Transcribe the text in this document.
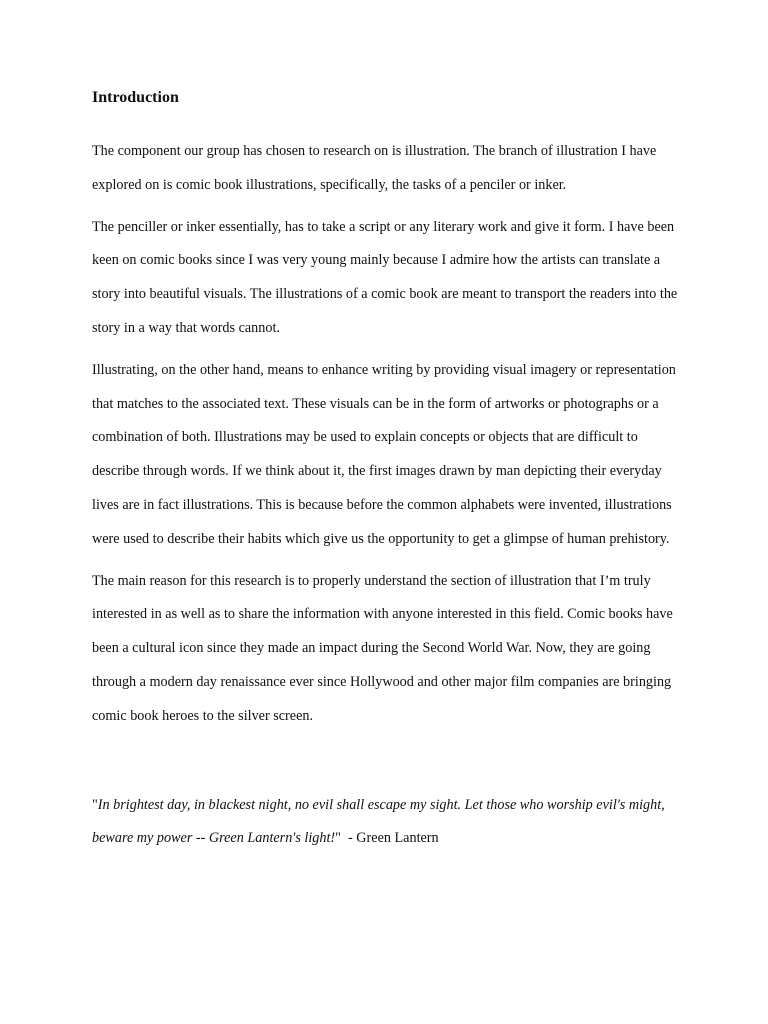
Introduction

The component our group has chosen to research on is illustration. The branch of illustration I have explored on is comic book illustrations, specifically, the tasks of a penciler or inker.

The penciller or inker essentially, has to take a script or any literary work and give it form. I have been keen on comic books since I was very young mainly because I admire how the artists can translate a story into beautiful visuals. The illustrations of a comic book are meant to transport the readers into the story in a way that words cannot.

Illustrating, on the other hand, means to enhance writing by providing visual imagery or representation that matches to the associated text. These visuals can be in the form of artworks or photographs or a combination of both. Illustrations may be used to explain concepts or objects that are difficult to describe through words. If we think about it, the first images drawn by man depicting their everyday lives are in fact illustrations. This is because before the common alphabets were invented, illustrations were used to describe their habits which give us the opportunity to get a glimpse of human prehistory.

The main reason for this research is to properly understand the section of illustration that I’m truly interested in as well as to share the information with anyone interested in this field. Comic books have been a cultural icon since they made an impact during the Second World War. Now, they are going through a modern day renaissance ever since Hollywood and other major film companies are bringing comic book heroes to the silver screen.

"In brightest day, in blackest night, no evil shall escape my sight. Let those who worship evil's might, beware my power -- Green Lantern's light!"  - Green Lantern
